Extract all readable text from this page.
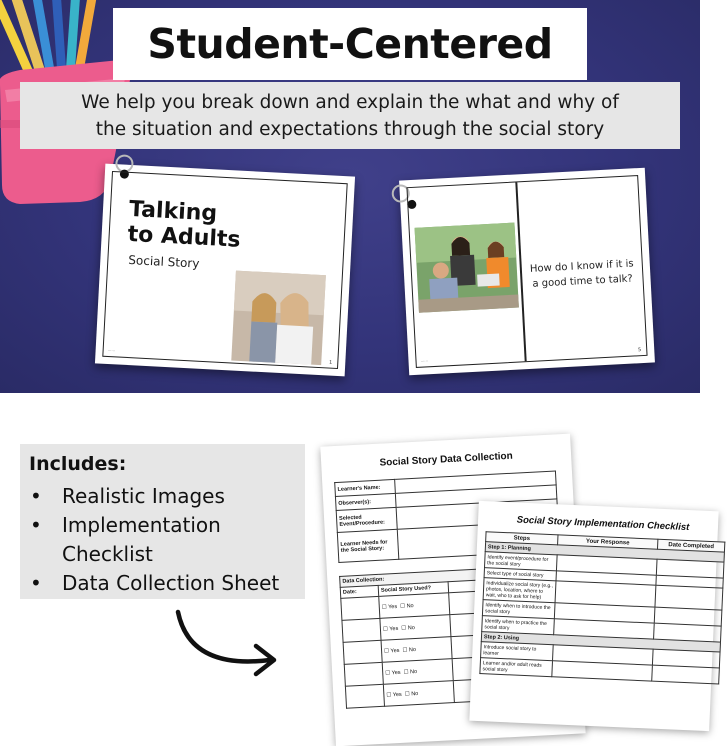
Student-Centered
We help you break down and explain the what and why of
the situation and expectations through the social story
Talking
to Adults
Social Story
······
1
How do I know if it is a good time to talk?
······
5
Includes:
• Realistic Images
• Implementation Checklist
• Data Collection Sheet
Social Story Data Collection
Learner's Name:	
Observer(s):	
Selected Event/Procedure:	
Learner Needs for the Social Story:	
Data Collection:		
Date:	Social Story Used?	
	☐ Yes ☐ No	
	☐ Yes ☐ No	
	☐ Yes ☐ No	
	☐ Yes ☐ No	
	☐ Yes ☐ No	
Social Story Implementation Checklist
Steps	Your Response	Date Completed
Step 1: Planning		
Identify event/procedure for the social story		
Select type of social story		
Individualize social story (e.g., photos, location, where to wait, who to ask for help)		
Identify when to introduce the social story		
Identify when to practice the social story		
Step 2: Using		
Introduce social story to learner		
Learner and/or adult reads social story		
